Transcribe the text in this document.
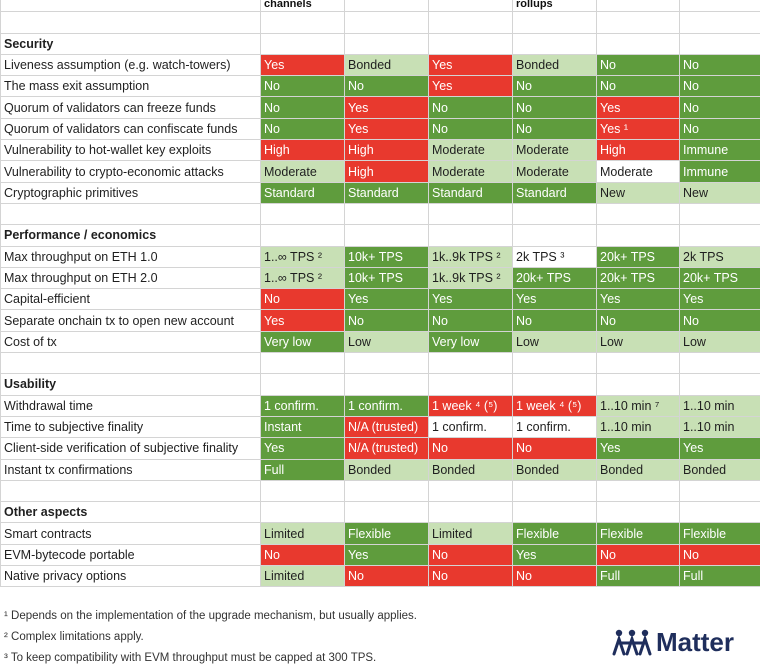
	channels			rollups		

Security						
Liveness assumption (e.g. watch-towers)	Yes	Bonded	Yes	Bonded	No	No
The mass exit assumption	No	No	Yes	No	No	No
Quorum of validators can freeze funds	No	Yes	No	No	Yes	No
Quorum of validators can confiscate funds	No	Yes	No	No	Yes ¹	No
Vulnerability to hot-wallet key exploits	High	High	Moderate	Moderate	High	Immune
Vulnerability to crypto-economic attacks	Moderate	High	Moderate	Moderate	Moderate	Immune
Cryptographic primitives	Standard	Standard	Standard	Standard	New	New

Performance / economics						
Max throughput on ETH 1.0	1..∞ TPS ²	10k+ TPS	1k..9k TPS ²	2k TPS ³	20k+ TPS	2k TPS
Max throughput on ETH 2.0	1..∞ TPS ²	10k+ TPS	1k..9k TPS ²	20k+ TPS	20k+ TPS	20k+ TPS
Capital-efficient	No	Yes	Yes	Yes	Yes	Yes
Separate onchain tx to open new account	Yes	No	No	No	No	No
Cost of tx	Very low	Low	Very low	Low	Low	Low

Usability						
Withdrawal time	1 confirm.	1 confirm.	1 week ⁴ (⁵)	1 week ⁴ (⁵)	1..10 min ⁷	1..10 min
Time to subjective finality	Instant	N/A (trusted)	1 confirm.	1 confirm.	1..10 min	1..10 min
Client-side verification of subjective finality	Yes	N/A (trusted)	No	No	Yes	Yes
Instant tx confirmations	Full	Bonded	Bonded	Bonded	Bonded	Bonded

Other aspects						
Smart contracts	Limited	Flexible	Limited	Flexible	Flexible	Flexible
EVM-bytecode portable	No	Yes	No	Yes	No	No
Native privacy options	Limited	No	No	No	Full	Full
¹ Depends on the implementation of the upgrade mechanism, but usually applies.
² Complex limitations apply.
³ To keep compatibility with EVM throughput must be capped at 300 TPS.
Matter
